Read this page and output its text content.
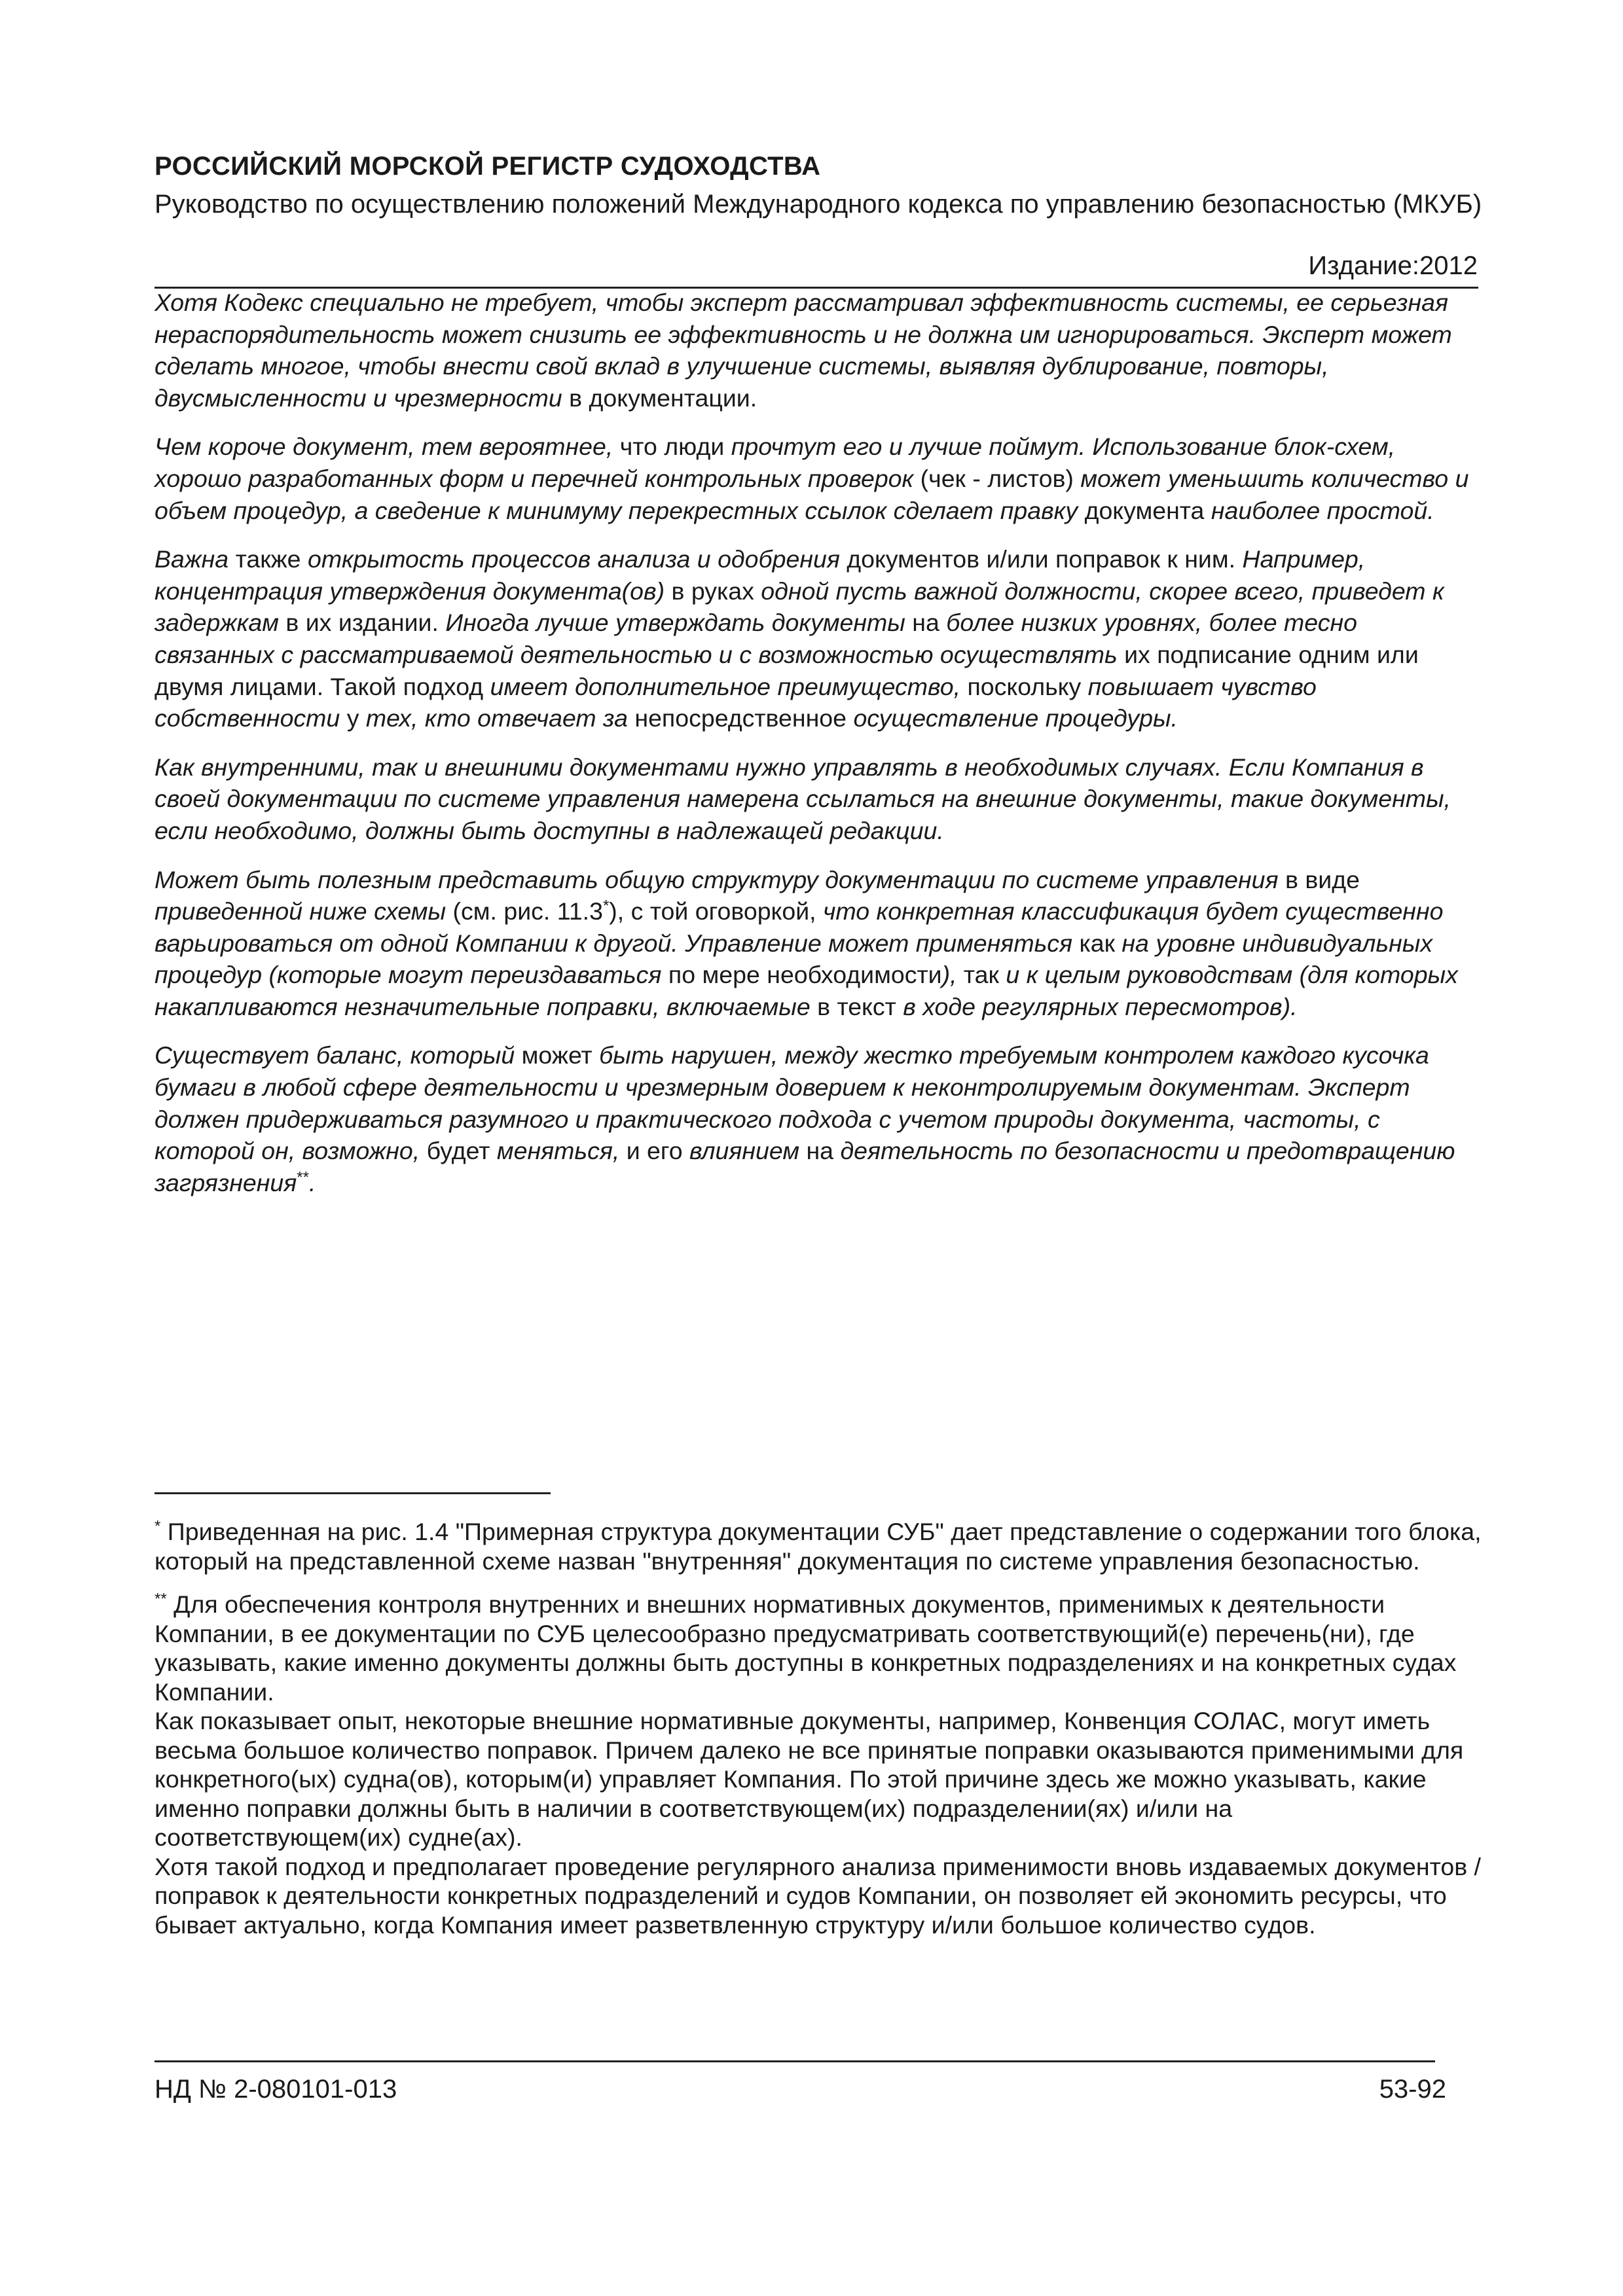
РОССИЙСКИЙ МОРСКОЙ РЕГИСТР СУДОХОДСТВА
Руководство по осуществлению положений Международного кодекса по управлению безопасностью (МКУБ)
Издание:2012

Хотя Кодекс специально не требует, чтобы эксперт рассматривал эффективность системы, ее серьезная нераспорядительность может снизить ее эффективность и не должна им игнорироваться. Эксперт может сделать многое, чтобы внести свой вклад в улучшение системы, выявляя дублирование, повторы, двусмысленности и чрезмерности в документации.

Чем короче документ, тем вероятнее, что люди прочтут его и лучше поймут. Использование блок-схем, хорошо разработанных форм и перечней контрольных проверок (чек - листов) может уменьшить количество и объем процедур, а сведение к минимуму перекрестных ссылок сделает правку документа наиболее простой.

Важна также открытость процессов анализа и одобрения документов и/или поправок к ним. Например, концентрация утверждения документа(ов) в руках одной пусть важной должности, скорее всего, приведет к задержкам в их издании. Иногда лучше утверждать документы на более низких уровнях, более тесно связанных с рассматриваемой деятельностью и с возможностью осуществлять их подписание одним или двумя лицами. Такой подход имеет дополнительное преимущество, поскольку повышает чувство собственности у тех, кто отвечает за непосредственное осуществление процедуры.

Как внутренними, так и внешними документами нужно управлять в необходимых случаях. Если Компания в своей документации по системе управления намерена ссылаться на внешние документы, такие документы, если необходимо, должны быть доступны в надлежащей редакции.

Может быть полезным представить общую структуру документации по системе управления в виде приведенной ниже схемы (см. рис. 11.3*), с той оговоркой, что конкретная классификация будет существенно варьироваться от одной Компании к другой. Управление может применяться как на уровне индивидуальных процедур (которые могут переиздаваться по мере необходимости), так и к целым руководствам (для которых накапливаются незначительные поправки, включаемые в текст в ходе регулярных пересмотров).

Существует баланс, который может быть нарушен, между жестко требуемым контролем каждого кусочка бумаги в любой сфере деятельности и чрезмерным доверием к неконтролируемым документам. Эксперт должен придерживаться разумного и практического подхода с учетом природы документа, частоты, с которой он, возможно, будет меняться, и его влиянием на деятельность по безопасности и предотвращению загрязнения**.

* Приведенная на рис. 1.4 "Примерная структура документации СУБ" дает представление о содержании того блока, который на представленной схеме назван "внутренняя" документация по системе управления безопасностью.

** Для обеспечения контроля внутренних и внешних нормативных документов, применимых к деятельности Компании, в ее документации по СУБ целесообразно предусматривать соответствующий(е) перечень(ни), где указывать, какие именно документы должны быть доступны в конкретных подразделениях и на конкретных судах Компании.

Как показывает опыт, некоторые внешние нормативные документы, например, Конвенция СОЛАС, могут иметь весьма большое количество поправок. Причем далеко не все принятые поправки оказываются применимыми для конкретного(ых) судна(ов), которым(и) управляет Компания. По этой причине здесь же можно указывать, какие именно поправки должны быть в наличии в соответствующем(их) подразделении(ях) и/или на соответствующем(их) судне(ах).

Хотя такой подход и предполагает проведение регулярного анализа применимости вновь издаваемых документов / поправок к деятельности конкретных подразделений и судов Компании, он позволяет ей экономить ресурсы, что бывает актуально, когда Компания имеет разветвленную структуру и/или большое количество судов.

НД № 2-080101-013	53-92
